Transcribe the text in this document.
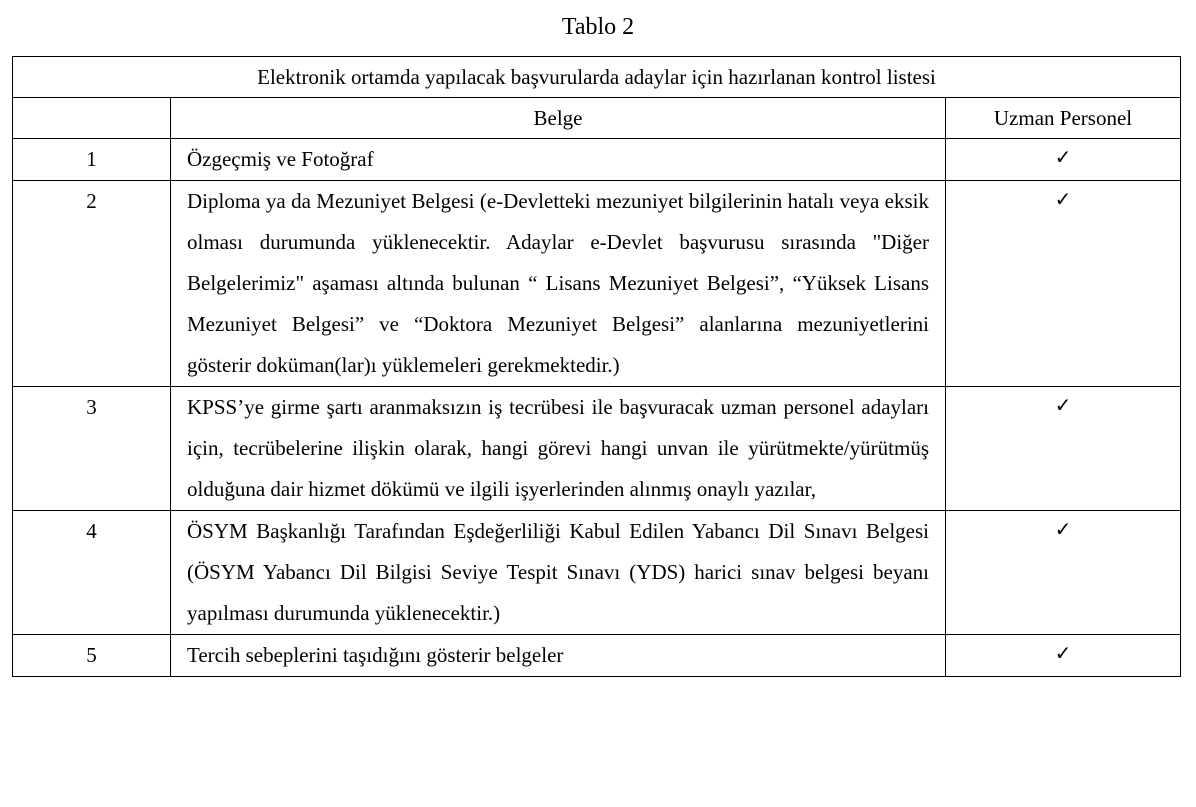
Tablo 2
Elektronik ortamda yapılacak başvurularda adaylar için hazırlanan kontrol listesi		
	Belge	Uzman Personel
1	Özgeçmiş ve Fotoğraf	✓
2	Diploma ya da Mezuniyet Belgesi (e-Devletteki mezuniyet bilgilerinin hatalı veya eksik olması durumunda yüklenecektir. Adaylar e-Devlet başvurusu sırasında "Diğer Belgelerimiz" aşaması altında bulunan “ Lisans Mezuniyet Belgesi”, “Yüksek Lisans Mezuniyet Belgesi” ve “Doktora Mezuniyet Belgesi” alanlarına mezuniyetlerini gösterir doküman(lar)ı yüklemeleri gerekmektedir.)	✓
3	KPSS’ye girme şartı aranmaksızın iş tecrübesi ile başvuracak uzman personel adayları için, tecrübelerine ilişkin olarak, hangi görevi hangi unvan ile yürütmekte/yürütmüş olduğuna dair hizmet dökümü ve ilgili işyerlerinden alınmış onaylı yazılar,	✓
4	ÖSYM Başkanlığı Tarafından Eşdeğerliliği Kabul Edilen Yabancı Dil Sınavı Belgesi (ÖSYM Yabancı Dil Bilgisi Seviye Tespit Sınavı (YDS) harici sınav belgesi beyanı yapılması durumunda yüklenecektir.)	✓
5	Tercih sebeplerini taşıdığını gösterir belgeler	✓
